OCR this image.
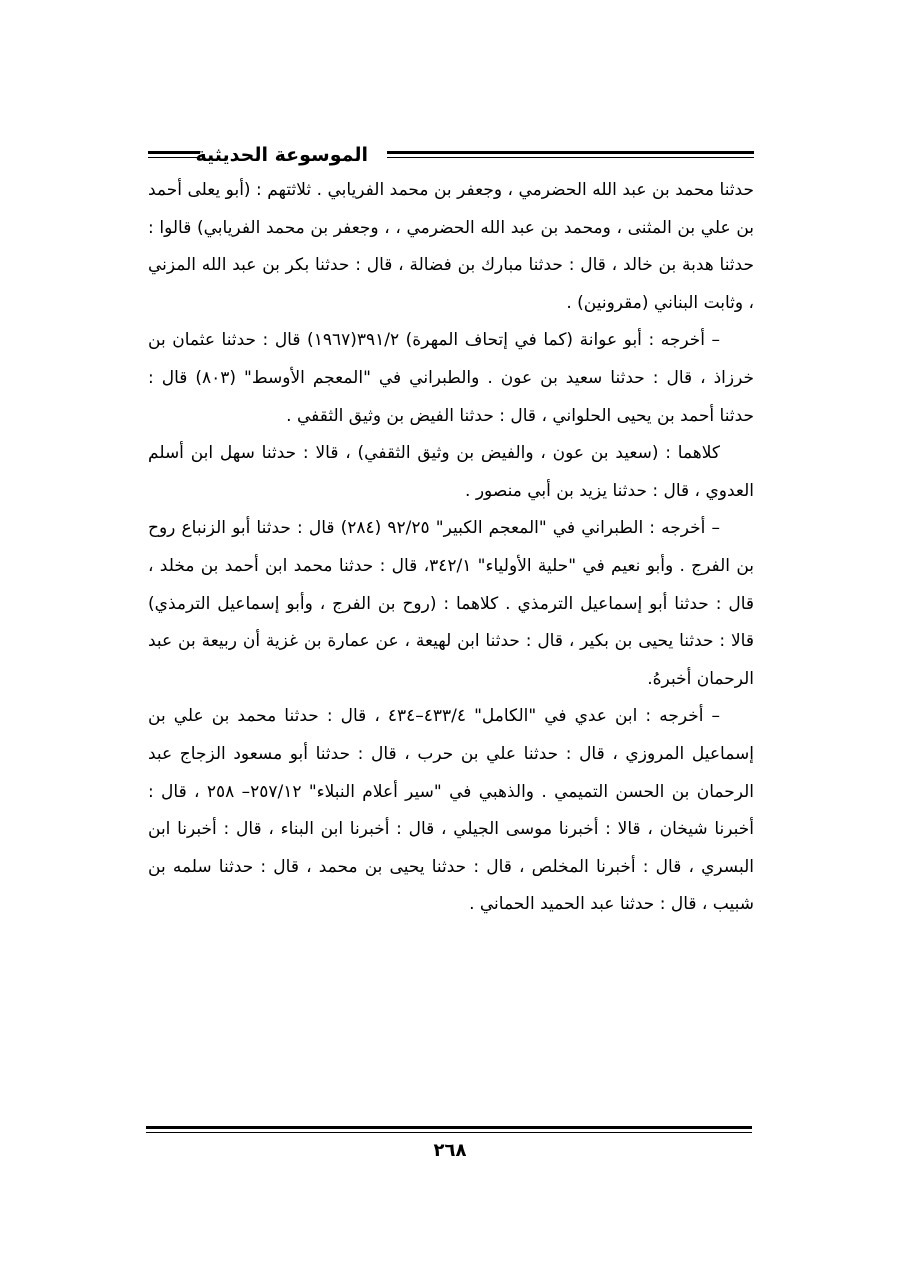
الموسوعة الحديثية

حدثنا محمد بن عبد الله الحضرمي ، وجعفر بن محمد الفريابي . ثلاثتهم : (أبو يعلى أحمد بن علي بن المثنى ، ومحمد بن عبد الله الحضرمي ، ، وجعفر بن محمد الفريابي) قالوا : حدثنا هدبة بن خالد ، قال : حدثنا مبارك بن فضالة ، قال : حدثنا بكر بن عبد الله المزني ، وثابت البناني (مقرونين) .

– أخرجه : أبو عوانة (كما في إتحاف المهرة) ٣٩١/٢(١٩٦٧) قال : حدثنا عثمان بن خرزاذ ، قال : حدثنا سعيد بن عون . والطبراني في "المعجم الأوسط" (٨٠٣) قال : حدثنا أحمد بن يحيى الحلواني ، قال : حدثنا الفيض بن وثيق الثقفي .

كلاهما : (سعيد بن عون ، والفيض بن وثيق الثقفي) ، قالا : حدثنا سهل ابن أسلم العدوي ، قال : حدثنا يزيد بن أبي منصور .

– أخرجه : الطبراني في "المعجم الكبير" ٩٢/٢٥ (٢٨٤) قال : حدثنا أبو الزنباع روح بن الفرج . وأبو نعيم في "حلية الأولياء" ٣٤٢/١، قال : حدثنا محمد ابن أحمد بن مخلد ، قال : حدثنا أبو إسماعيل الترمذي . كلاهما : (روح بن الفرج ، وأبو إسماعيل الترمذي) قالا : حدثنا يحيى بن بكير ، قال : حدثنا ابن لهيعة ، عن عمارة بن غزية أن ربيعة بن عبد الرحمان أخبرهُ.

– أخرجه : ابن عدي في "الكامل" ٤٣٣/٤–٤٣٤ ، قال : حدثنا محمد بن علي بن إسماعيل المروزي ، قال : حدثنا علي بن حرب ، قال : حدثنا أبو مسعود الزجاج عبد الرحمان بن الحسن التميمي . والذهبي في "سير أعلام النبلاء" ٢٥٧/١٢– ٢٥٨ ، قال : أخبرنا شيخان ، قالا : أخبرنا موسى الجيلي ، قال : أخبرنا ابن البناء ، قال : أخبرنا ابن البسري ، قال : أخبرنا المخلص ، قال : حدثنا يحيى بن محمد ، قال : حدثنا سلمه بن شبيب ، قال : حدثنا عبد الحميد الحماني .

٢٦٨
